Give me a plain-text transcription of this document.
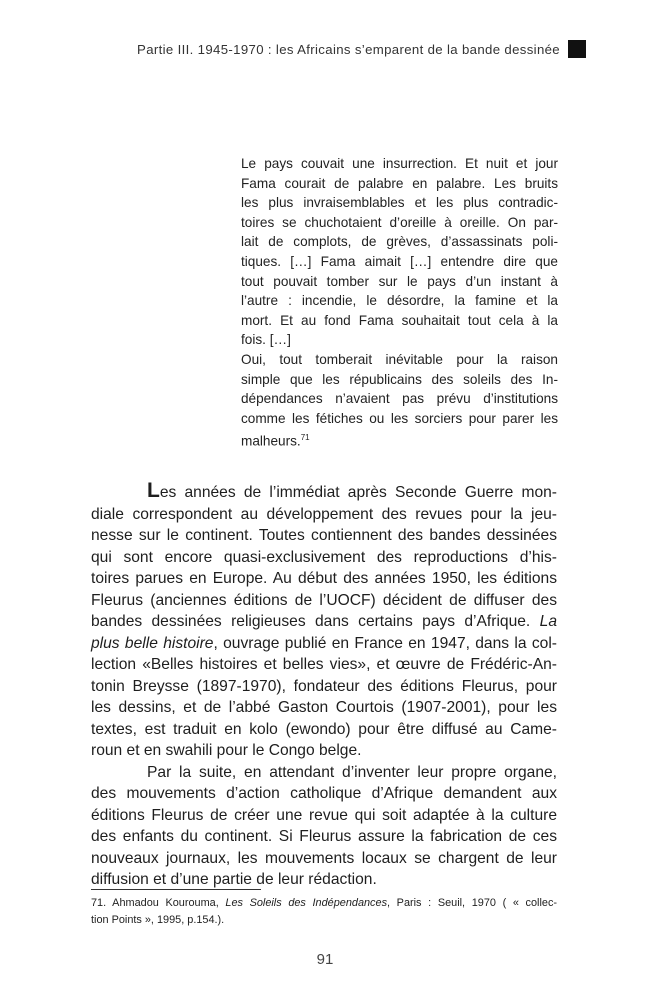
Partie III. 1945-1970 : les Africains s’emparent de la bande dessinée
Le pays couvait une insurrection. Et nuit et jour
Fama courait de palabre en palabre. Les bruits
les plus invraisemblables et les plus contradic-
toires se chuchotaient d’oreille à oreille. On par-
lait de complots, de grèves, d’assassinats poli-
tiques. […] Fama aimait […] entendre dire que
tout pouvait tomber sur le pays d’un instant à
l’autre : incendie, le désordre, la famine et la
mort. Et au fond Fama souhaitait tout cela à la
fois. […]
Oui, tout tomberait inévitable pour la raison
simple que les républicains des soleils des In-
dépendances n’avaient pas prévu d’institutions
comme les fétiches ou les sorciers pour parer les
malheurs.$^{71}$
Les années de l’immédiat après Seconde Guerre mon-
diale correspondent au développement des revues pour la jeu-
nesse sur le continent. Toutes contiennent des bandes dessinées
qui sont encore quasi-exclusivement des reproductions d’his-
toires parues en Europe. Au début des années 1950, les éditions
Fleurus (anciennes éditions de l’UOCF) décident de diffuser des
bandes dessinées religieuses dans certains pays d’Afrique. La
plus belle histoire, ouvrage publié en France en 1947, dans la col-
lection «Belles histoires et belles vies», et œuvre de Frédéric-An-
tonin Breysse (1897-1970), fondateur des éditions Fleurus, pour
les dessins, et de l’abbé Gaston Courtois (1907-2001), pour les
textes, est traduit en kolo (ewondo) pour être diffusé au Came-
roun et en swahili pour le Congo belge.
Par la suite, en attendant d’inventer leur propre organe,
des mouvements d’action catholique d’Afrique demandent aux
éditions Fleurus de créer une revue qui soit adaptée à la culture
des enfants du continent. Si Fleurus assure la fabrication de ces
nouveaux journaux, les mouvements locaux se chargent de leur
diffusion et d’une partie de leur rédaction.
71. Ahmadou Kourouma, Les Soleils des Indépendances, Paris : Seuil, 1970 ( « collec-
tion Points », 1995, p.154.).
91
